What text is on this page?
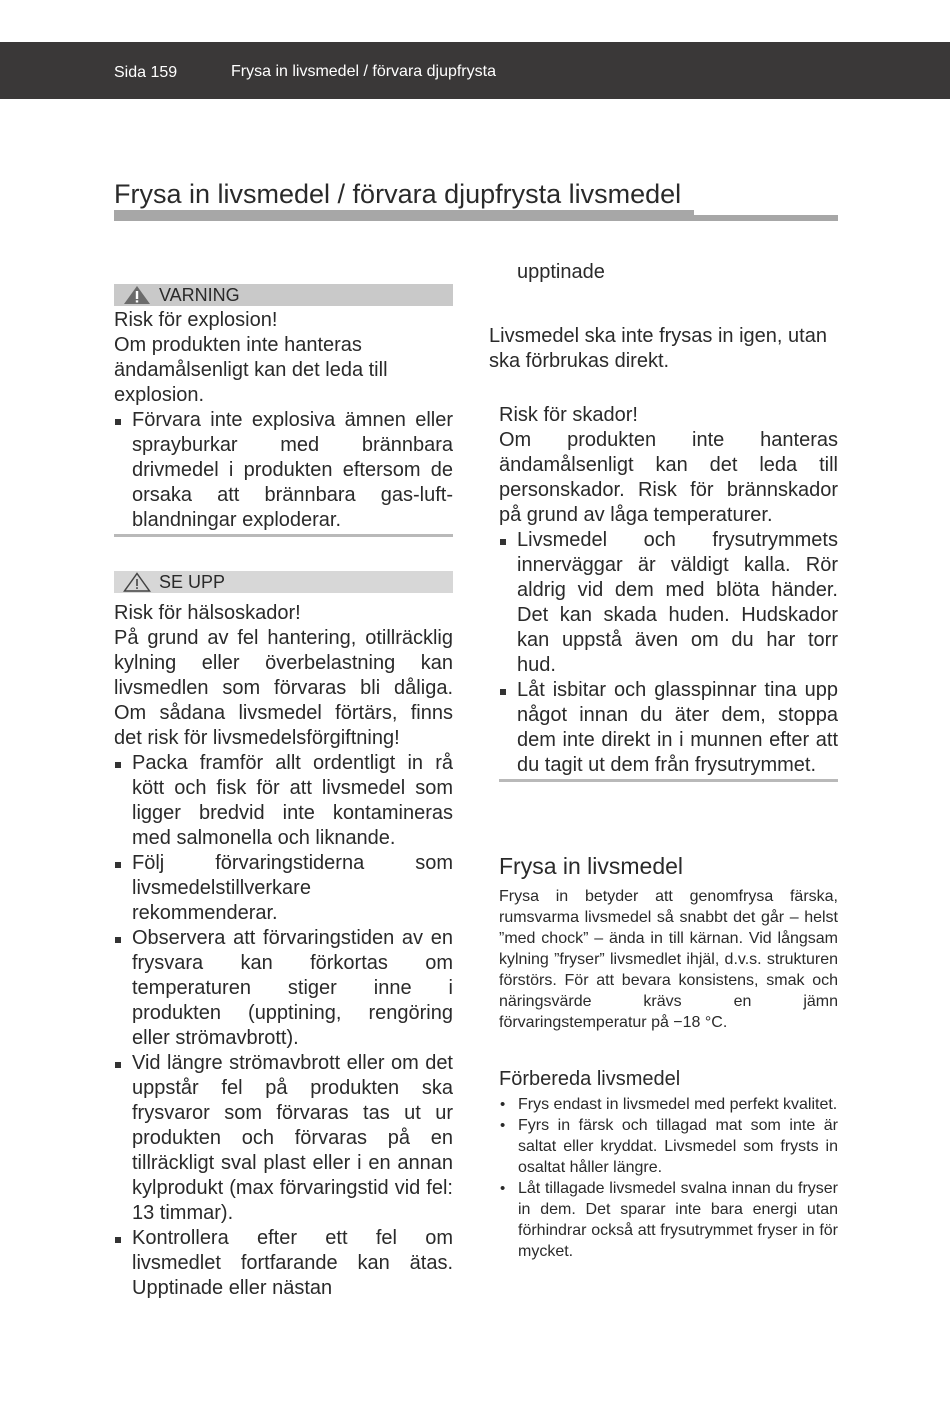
Sida 159	Frysa in livsmedel / förvara djupfrysta
Frysa in livsmedel / förvara djupfrysta livsmedel
VARNING

Risk för explosion!

Om produkten inte hanteras ändamålsenligt kan det leda till explosion.

Förvara inte explosiva ämnen eller sprayburkar med brännbara drivmedel i produkten eftersom de orsaka att brännbara gas-luft-blandningar exploderar.
SE UPP

Risk för hälsoskador!

På grund av fel hantering, otillräcklig kylning eller överbelastning kan livsmedlen som förvaras bli dåliga. Om sådana livsmedel förtärs, finns det risk för livsmedelsförgiftning!

Packa framför allt ordentligt in rå kött och fisk för att livsmedel som ligger bredvid inte kontamineras med salmonella och liknande.
Följ förvaringstiderna som livsmedelstillverkare rekommenderar.
Observera att förvaringstiden av en frysvara kan förkortas om temperaturen stiger inne i produkten (upptining, rengöring eller strömavbrott).
Vid längre strömavbrott eller om det uppstår fel på produkten ska frysvaror som förvaras tas ut ur produkten och förvaras på en tillräckligt sval plast eller i en annan kylprodukt (max förvaringstid vid fel: 13 timmar).
Kontrollera efter ett fel om livsmedlet fortfarande kan ätas. Upptinade eller nästan

upptinade

Livsmedel ska inte frysas in igen, utan ska förbrukas direkt.

Risk för skador!

Om produkten inte hanteras ändamålsenligt kan det leda till personskador. Risk för brännskador på grund av låga temperaturer.

Livsmedel och frysutrymmets innerväggar är väldigt kalla. Rör aldrig vid dem med blöta händer. Det kan skada huden. Hudskador kan uppstå även om du har torr hud.
Låt isbitar och glasspinnar tina upp något innan du äter dem, stoppa dem inte direkt in i munnen efter att du tagit ut dem från frysutrymmet.
Frysa in livsmedel

Frysa in betyder att genomfrysa färska, rumsvarma livsmedel så snabbt det går – helst ”med chock” – ända in till kärnan. Vid långsam kylning ”fryser” livsmedlet ihjäl, d.v.s. strukturen förstörs. För att bevara konsistens, smak och näringsvärde krävs en jämn förvaringstemperatur på −18 °C.

Förbereda livsmedel
• Frys endast in livsmedel med perfekt kvalitet.
• Fyrs in färsk och tillagad mat som inte är saltat eller kryddat. Livsmedel som frysts in osaltat håller längre.
• Låt tillagade livsmedel svalna innan du fryser in dem. Det sparar inte bara energi utan förhindrar också att frysutrymmet fryser in för mycket.
